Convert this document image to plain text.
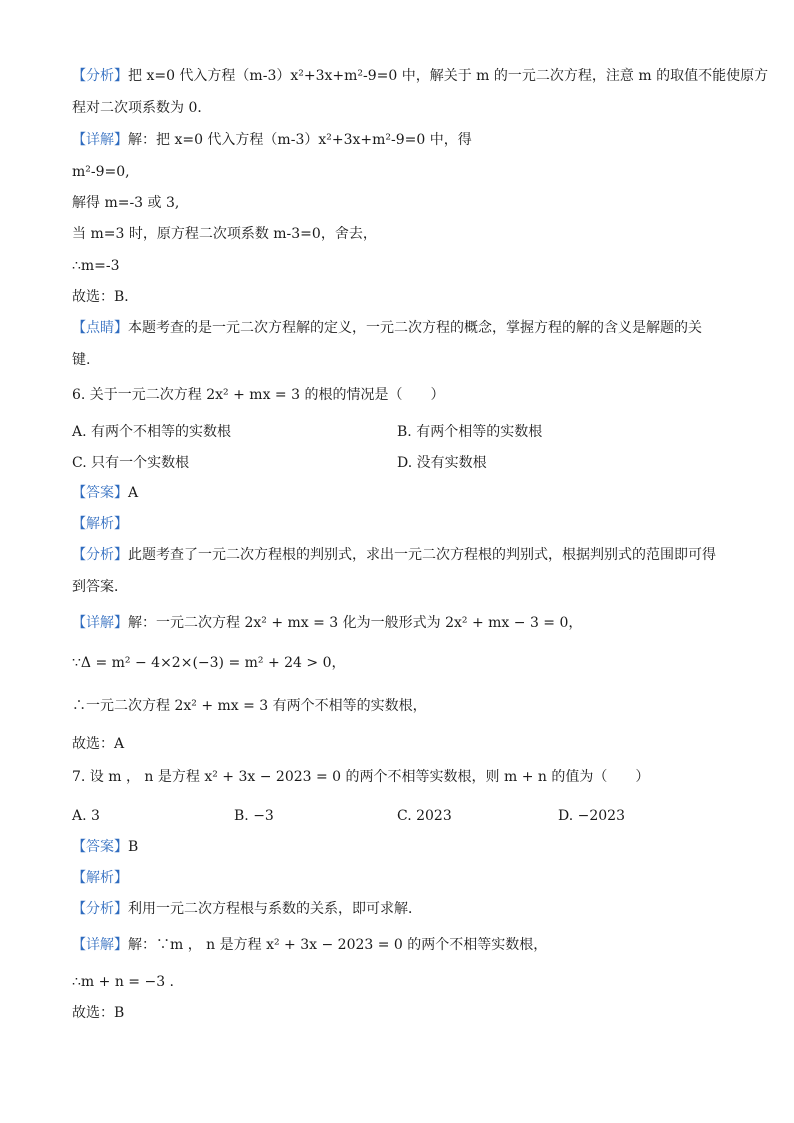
【分析】把 x=0 代入方程（m-3）x²+3x+m²-9=0 中，解关于 m 的一元二次方程，注意 m 的取值不能使原方
程对二次项系数为 0．
【详解】解：把 x=0 代入方程（m-3）x²+3x+m²-9=0 中，得
m²-9=0,
解得 m=-3 或 3,
当 m=3 时，原方程二次项系数 m-3=0，舍去，
∴m=-3
故选：B．
【点睛】本题考查的是一元二次方程解的定义，一元二次方程的概念，掌握方程的解的含义是解题的关
键.
6. 关于一元二次方程 2x² + mx = 3 的根的情况是（　　）
A. 有两个不相等的实数根	B. 有两个相等的实数根
C. 只有一个实数根	D. 没有实数根
【答案】A
【解析】
【分析】此题考查了一元二次方程根的判别式，求出一元二次方程根的判别式，根据判别式的范围即可得
到答案．
【详解】解：一元二次方程 2x² + mx = 3 化为一般形式为 2x² + mx − 3 = 0，
∵Δ = m² − 4×2×(−3) = m² + 24 > 0，
∴一元二次方程 2x² + mx = 3 有两个不相等的实数根，
故选：A
7. 设 m ， n 是方程 x² + 3x − 2023 = 0 的两个不相等实数根，则 m + n 的值为（　　）
A. 3	B. −3	C. 2023	D. −2023
【答案】B
【解析】
【分析】利用一元二次方程根与系数的关系，即可求解．
【详解】解：∵m ， n 是方程 x² + 3x − 2023 = 0 的两个不相等实数根，
∴m + n = −3 .
故选：B
